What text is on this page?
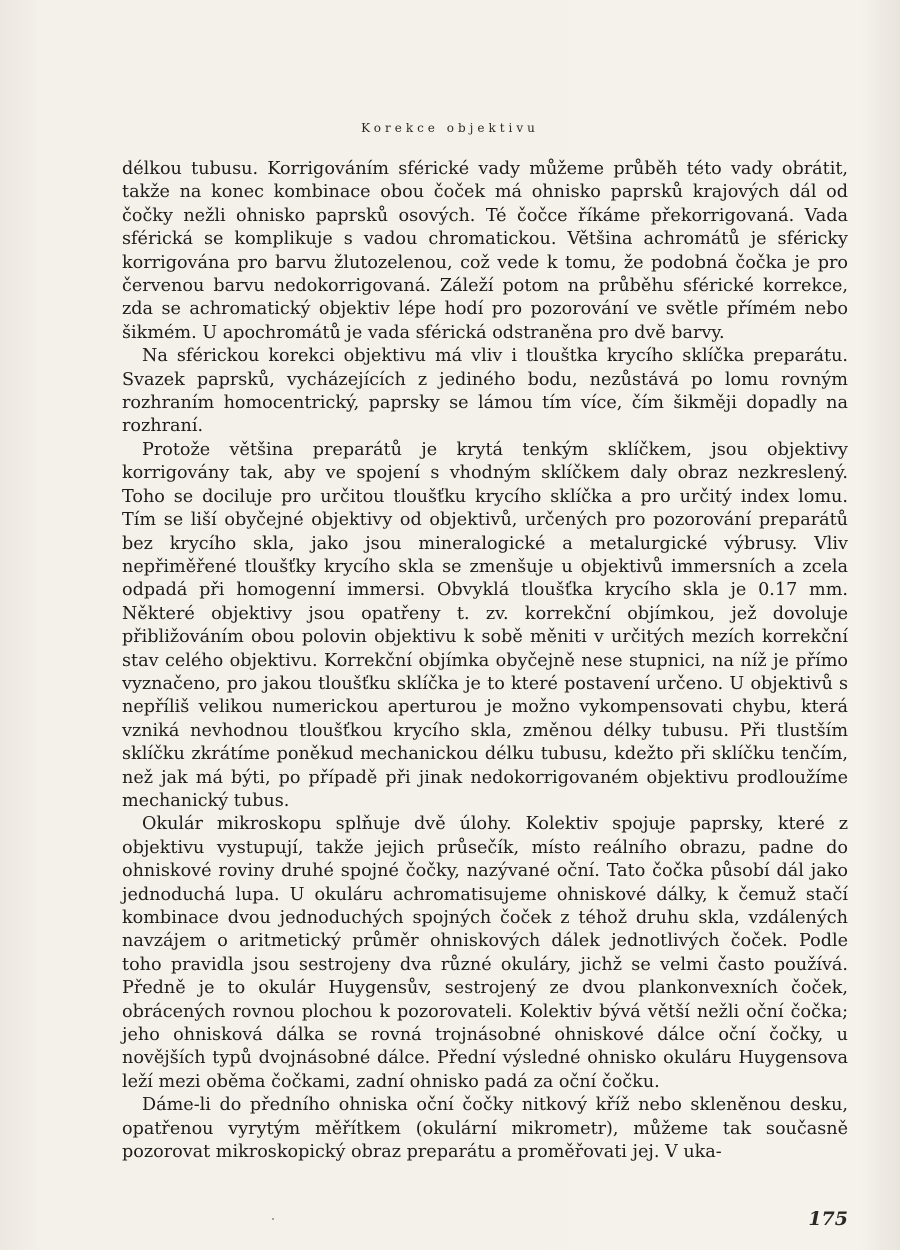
Korekce objektivu

délkou tubusu. Korrigováním sférické vady můžeme průběh této vady obrátit, takže na konec kombinace obou čoček má ohnisko paprsků krajových dál od čočky nežli ohnisko paprsků osových. Té čočce říkáme překorrigovaná. Vada sférická se komplikuje s vadou chromatickou. Většina achromátů je sféricky korrigována pro barvu žlutozelenou, což vede k tomu, že podobná čočka je pro červenou barvu nedokorrigovaná. Záleží potom na průběhu sférické korrekce, zda se achromatický objektiv lépe hodí pro pozorování ve světle přímém nebo šikmém. U apochromátů je vada sférická odstraněna pro dvě barvy.

Na sférickou korekci objektivu má vliv i tlouštka krycího sklíčka preparátu. Svazek paprsků, vycházejících z jediného bodu, nezůstává po lomu rovným rozhraním homocentrický, paprsky se lámou tím více, čím šikměji dopadly na rozhraní.

Protože většina preparátů je krytá tenkým sklíčkem, jsou objektivy korrigovány tak, aby ve spojení s vhodným sklíčkem daly obraz nezkreslený. Toho se dociluje pro určitou tloušťku krycího sklíčka a pro určitý index lomu. Tím se liší obyčejné objektivy od objektivů, určených pro pozorování preparátů bez krycího skla, jako jsou mineralogické a metalurgické výbrusy. Vliv nepřiměřené tloušťky krycího skla se zmenšuje u objektivů immersních a zcela odpadá při homogenní immersi. Obvyklá tloušťka krycího skla je 0.17 mm. Některé objektivy jsou opatřeny t. zv. korrekční objímkou, jež dovoluje přibližováním obou polovin objektivu k sobě měniti v určitých mezích korrekční stav celého objektivu. Korrekční objímka obyčejně nese stupnici, na níž je přímo vyznačeno, pro jakou tloušťku sklíčka je to které postavení určeno. U objektivů s nepříliš velikou numerickou aperturou je možno vykompensovati chybu, která vzniká nevhodnou tloušťkou krycího skla, změnou délky tubusu. Při tlustším sklíčku zkrátíme poněkud mechanickou délku tubusu, kdežto při sklíčku tenčím, než jak má býti, po případě při jinak nedokorrigovaném objektivu prodloužíme mechanický tubus.

Okulár mikroskopu splňuje dvě úlohy. Kolektiv spojuje paprsky, které z objektivu vystupují, takže jejich průsečík, místo reálního obrazu, padne do ohniskové roviny druhé spojné čočky, nazývané oční. Tato čočka působí dál jako jednoduchá lupa. U okuláru achromatisujeme ohniskové dálky, k čemuž stačí kombinace dvou jednoduchých spojných čoček z téhož druhu skla, vzdálených navzájem o aritmetický průměr ohniskových dálek jednotlivých čoček. Podle toho pravidla jsou sestrojeny dva různé okuláry, jichž se velmi často používá. Předně je to okulár Huygensův, sestrojený ze dvou plankonvexních čoček, obrácených rovnou plochou k pozorovateli. Kolektiv bývá větší nežli oční čočka; jeho ohnisková dálka se rovná trojnásobné ohniskové dálce oční čočky, u novějších typů dvojnásobné dálce. Přední výsledné ohnisko okuláru Huygensova leží mezi oběma čočkami, zadní ohnisko padá za oční čočku.

Dáme-li do předního ohniska oční čočky nitkový kříž nebo skleněnou desku, opatřenou vyrytým měřítkem (okulární mikrometr), můžeme tak současně pozorovat mikroskopický obraz preparátu a proměřovati jej. V uka-

175
